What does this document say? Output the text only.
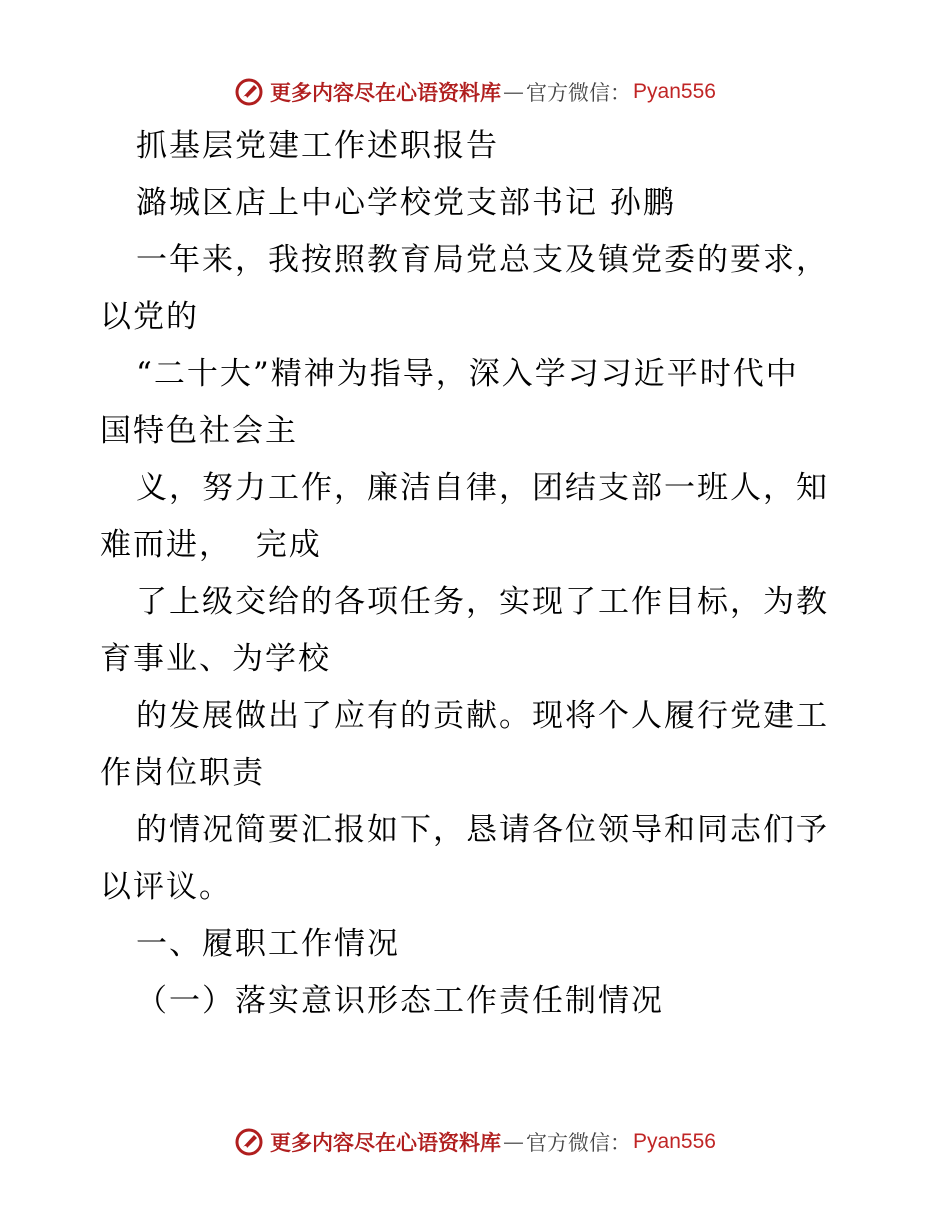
更多内容尽在心语资料库 — 官方微信： Pyan556
抓基层党建工作述职报告
潞城区店上中心学校党支部书记 孙鹏
一年来，我按照教育局党总支及镇党委的要求，
以党的
“二十大”精神为指导，深入学习习近平时代中
国特色社会主
义，努力工作，廉洁自律，团结支部一班人，知
难而进，  完成
了上级交给的各项任务，实现了工作目标，为教
育事业、为学校
的发展做出了应有的贡献。现将个人履行党建工
作岗位职责
的情况简要汇报如下，恳请各位领导和同志们予
以评议。
一、履职工作情况
（一）落实意识形态工作责任制情况
更多内容尽在心语资料库 — 官方微信： Pyan556
